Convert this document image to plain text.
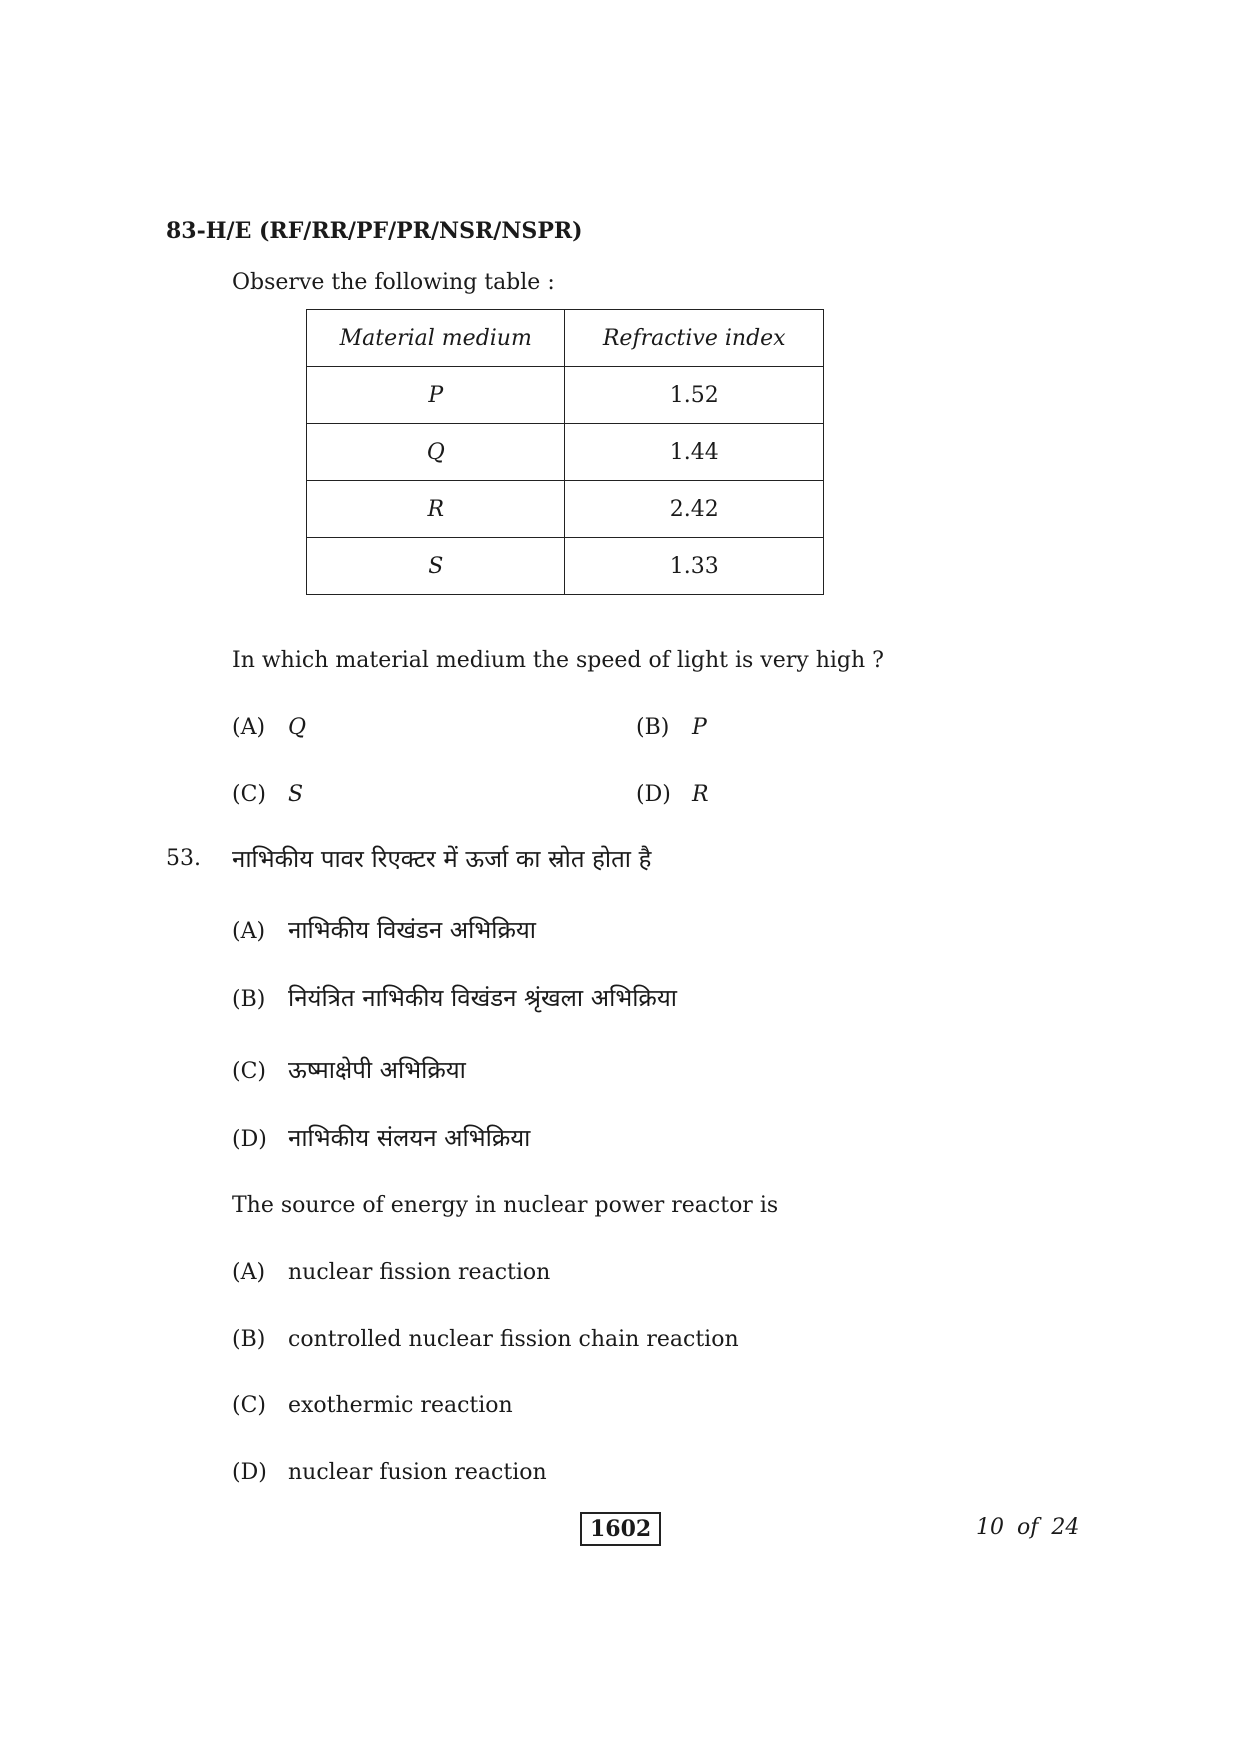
83-H/E (RF/RR/PF/PR/NSR/NSPR)
Observe the following table :
Material medium	Refractive index
P	1.52
Q	1.44
R	2.42
S	1.33
In which material medium the speed of light is very high ?
(A) Q	(B) P
(C) S	(D) R
53. नाभिकीय पावर रिएक्टर में ऊर्जा का स्रोत होता है
(A) नाभिकीय विखंडन अभिक्रिया
(B) नियंत्रित नाभिकीय विखंडन श्रृंखला अभिक्रिया
(C) ऊष्माक्षेपी अभिक्रिया
(D) नाभिकीय संलयन अभिक्रिया
The source of energy in nuclear power reactor is
(A) nuclear fission reaction
(B) controlled nuclear fission chain reaction
(C) exothermic reaction
(D) nuclear fusion reaction
1602	10 of 24
